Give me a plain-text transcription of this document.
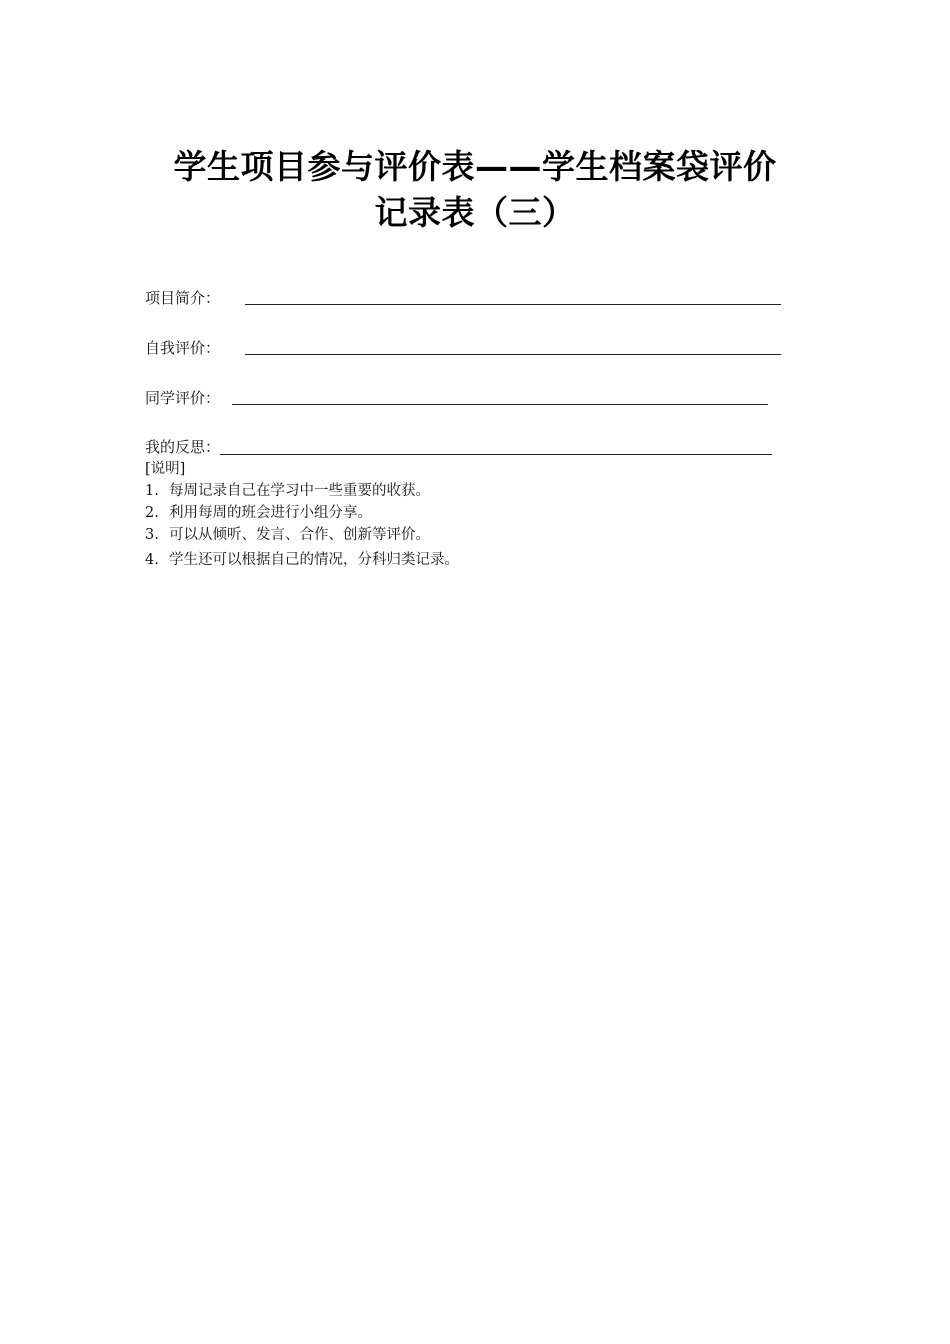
学生项目参与评价表——学生档案袋评价
记录表（三）
项目简介：
自我评价：
同学评价：
我的反思：
[说明]
1. 每周记录自己在学习中一些重要的收获。
2. 利用每周的班会进行小组分享。
3. 可以从倾听、发言、合作、创新等评价。
4. 学生还可以根据自己的情况，分科归类记录。
